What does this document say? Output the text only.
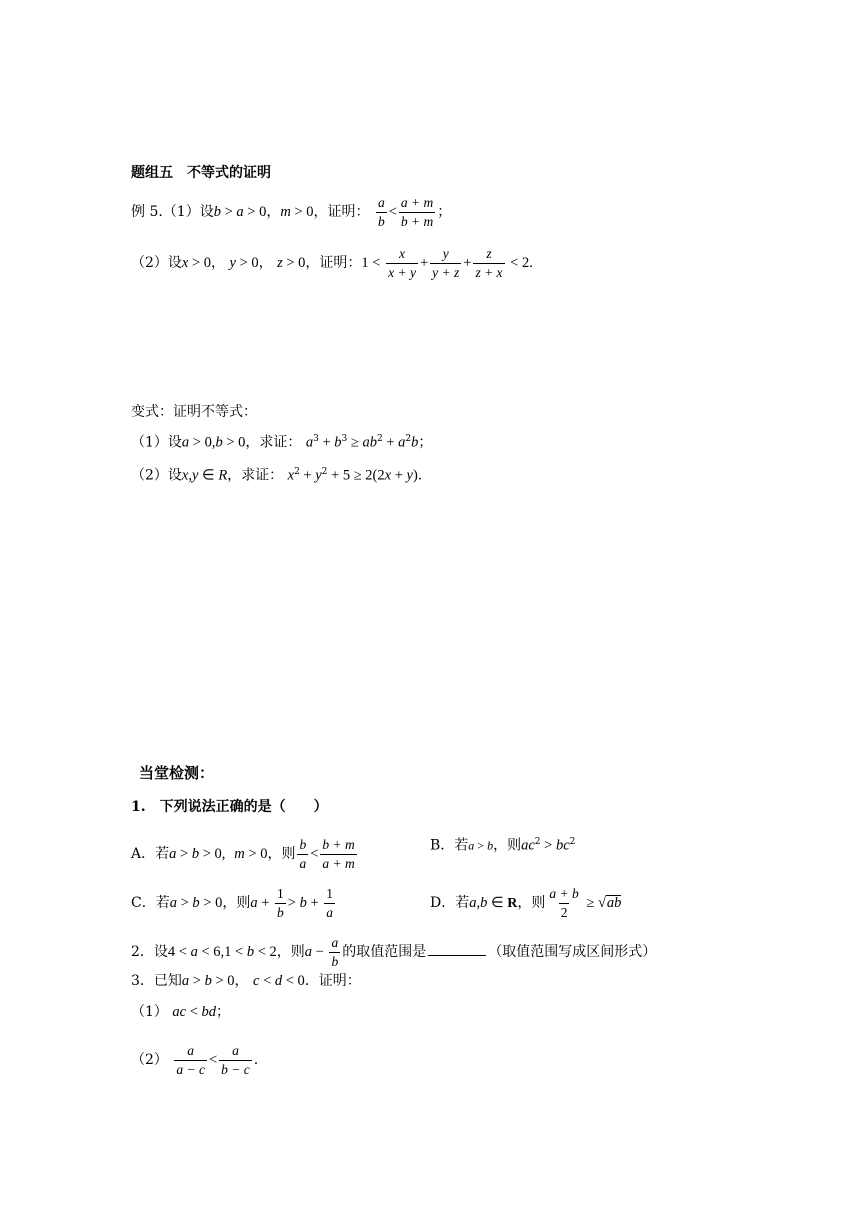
题组五　不等式的证明
例 5.（1）设b > a > 0，m > 0，证明： $\frac{a}{b} < \frac{a + m}{b + m}$ ；
（2）设x > 0， y > 0， z > 0，证明：$1 < \frac{x}{x + y} + \frac{y}{y + z} + \frac{z}{z + x} < 2$.
变式：证明不等式：
（1）设a > 0,b > 0，求证： $a^3 + b^3 \ge ab^2 + a^2b$；
（2）设x,y ∈ R，求证： $x^2 + y^2 + 5 \ge 2(2x + y)$.
当堂检测：
1.　下列说法正确的是（　　）
A．若a > b > 0, m > 0，则 $\frac{b}{a} < \frac{b + m}{a + m}$	B．若a > b，则$ac^2 > bc^2$
C．若a > b > 0，则$a + \frac{1}{b} > b + \frac{1}{a}$	D．若a,b ∈ R，则 $\frac{a + b}{2} \ge √ab$
2．设4 < a < 6,1 < b < 2，则$a - \frac{a}{b}$ 的取值范围是	（取值范围写成区间形式）
3．已知a > b > 0， c < d < 0．证明：
（1） ac < bd；
$(2) \frac{a}{a - c} < \frac{a}{b - c}$ .
